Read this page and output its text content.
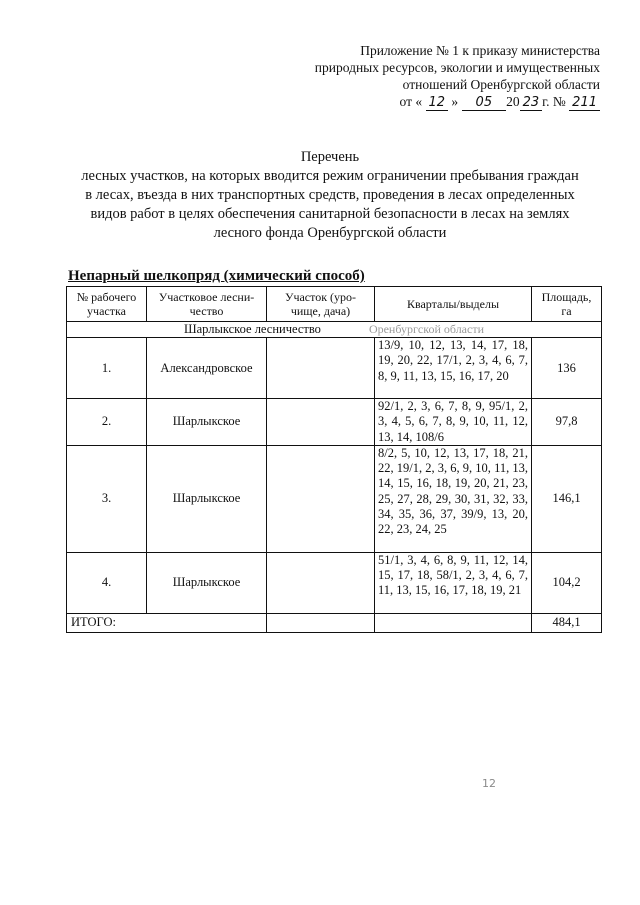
Приложение № 1 к приказу министерства
природных ресурсов, экологии и имущественных
отношений Оренбургской области
от « 12 » 05 20 23 г. № 211
Перечень
лесных участков, на которых вводится режим ограничении пребывания граждан
в лесах, въезда в них транспортных средств, проведения в лесах определенных
видов работ в целях обеспечения санитарной безопасности в лесах на землях
лесного фонда Оренбургской области
Непарный шелкопряд (химический способ)
№ рабочего участка	Участковое лесни-чество	Участок (уро-чище, дача)	Кварталы/выделы	Площадь, га
Шарлыкское лесничество Оренбургской области				
1.	Александровское		13/9, 10, 12, 13, 14, 17, 18, 19, 20, 22, 17/1, 2, 3, 4, 6, 7, 8, 9, 11, 13, 15, 16, 17, 20	136
2.	Шарлыкское		92/1, 2, 3, 6, 7, 8, 9, 95/1, 2, 3, 4, 5, 6, 7, 8, 9, 10, 11, 12, 13, 14, 108/6	97,8
3.	Шарлыкское		8/2, 5, 10, 12, 13, 17, 18, 21, 22, 19/1, 2, 3, 6, 9, 10, 11, 13, 14, 15, 16, 18, 19, 20, 21, 23, 25, 27, 28, 29, 30, 31, 32, 33, 34, 35, 36, 37, 39/9, 13, 20, 22, 23, 24, 25	146,1
4.	Шарлыкское		51/1, 3, 4, 6, 8, 9, 11, 12, 14, 15, 17, 18, 58/1, 2, 3, 4, 6, 7, 11, 13, 15, 16, 17, 18, 19, 21	104,2
ИТОГО:				484,1
12
